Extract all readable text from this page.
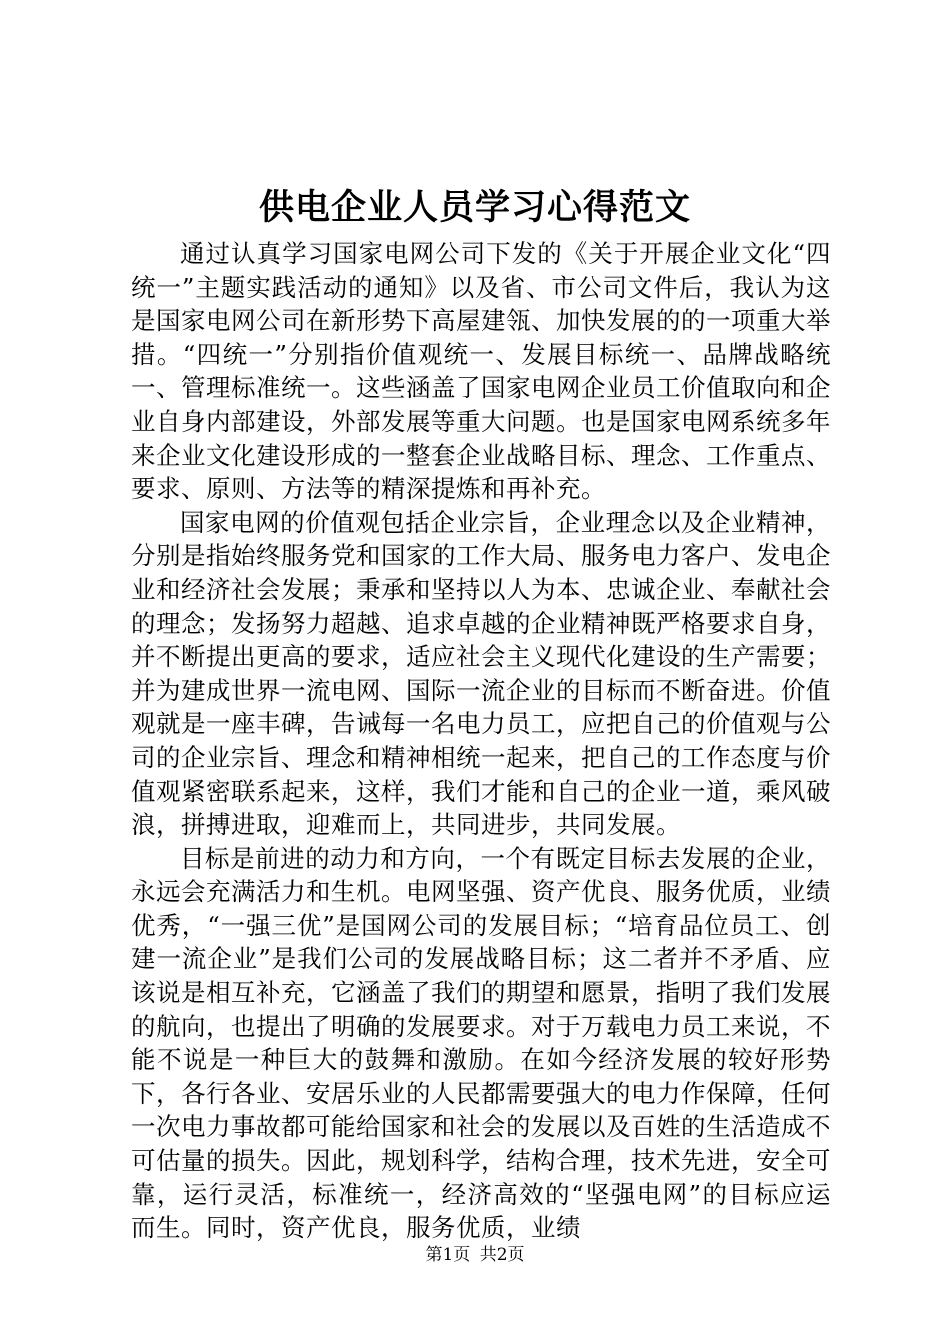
供电企业人员学习心得范文

通过认真学习国家电网公司下发的《关于开展企业文化“四统一”主题实践活动的通知》以及省、市公司文件后，我认为这是国家电网公司在新形势下高屋建瓴、加快发展的的一项重大举措。“四统一”分别指价值观统一、发展目标统一、品牌战略统一、管理标准统一。这些涵盖了国家电网企业员工价值取向和企业自身内部建设，外部发展等重大问题。也是国家电网系统多年来企业文化建设形成的一整套企业战略目标、理念、工作重点、要求、原则、方法等的精深提炼和再补充。

国家电网的价值观包括企业宗旨，企业理念以及企业精神，分别是指始终服务党和国家的工作大局、服务电力客户、发电企业和经济社会发展；秉承和坚持以人为本、忠诚企业、奉献社会的理念；发扬努力超越、追求卓越的企业精神既严格要求自身，并不断提出更高的要求，适应社会主义现代化建设的生产需要；并为建成世界一流电网、国际一流企业的目标而不断奋进。价值观就是一座丰碑，告诫每一名电力员工，应把自己的价值观与公司的企业宗旨、理念和精神相统一起来，把自己的工作态度与价值观紧密联系起来，这样，我们才能和自己的企业一道，乘风破浪，拼搏进取，迎难而上，共同进步，共同发展。

目标是前进的动力和方向，一个有既定目标去发展的企业，永远会充满活力和生机。电网坚强、资产优良、服务优质，业绩优秀，“一强三优”是国网公司的发展目标；“培育品位员工、创建一流企业”是我们公司的发展战略目标；这二者并不矛盾、应该说是相互补充，它涵盖了我们的期望和愿景，指明了我们发展的航向，也提出了明确的发展要求。对于万载电力员工来说，不能不说是一种巨大的鼓舞和激励。在如今经济发展的较好形势下，各行各业、安居乐业的人民都需要强大的电力作保障，任何一次电力事故都可能给国家和社会的发展以及百姓的生活造成不可估量的损失。因此，规划科学，结构合理，技术先进，安全可靠，运行灵活，标准统一，经济高效的“坚强电网”的目标应运而生。同时，资产优良，服务优质，业绩

第1页 共2页
